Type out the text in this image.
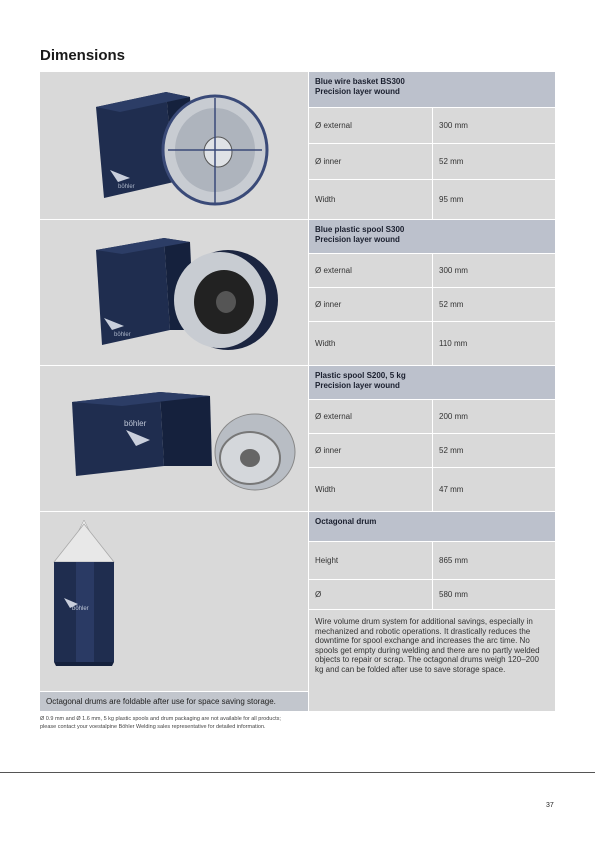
Dimensions
böhler
Blue wire basket BS300
Precision layer wound
Ø external	300 mm
Ø inner	52 mm
Width	95 mm
böhler
Blue plastic spool S300
Precision layer wound
Ø external	300 mm
Ø inner	52 mm
Width	110 mm
böhler
Plastic spool S200, 5 kg
Precision layer wound
Ø external	200 mm
Ø inner	52 mm
Width	47 mm
böhler
Octagonal drum
Height	865 mm
Ø	580 mm
Wire volume drum system for additional savings, especially in mechanized and robotic operations. It drastically reduces the downtime for spool exchange and increases the arc time. No spools get empty during welding and there are no partly welded objects to repair or scrap. The octagonal drums weigh 120–200 kg and can be folded after use to save storage space.
Octagonal drums are foldable after use for space saving storage.
Ø 0.9 mm and Ø 1.6 mm, 5 kg plastic spools and drum packaging are not available for all products;
please contact your voestalpine Böhler Welding sales representative for detailed information.
37
